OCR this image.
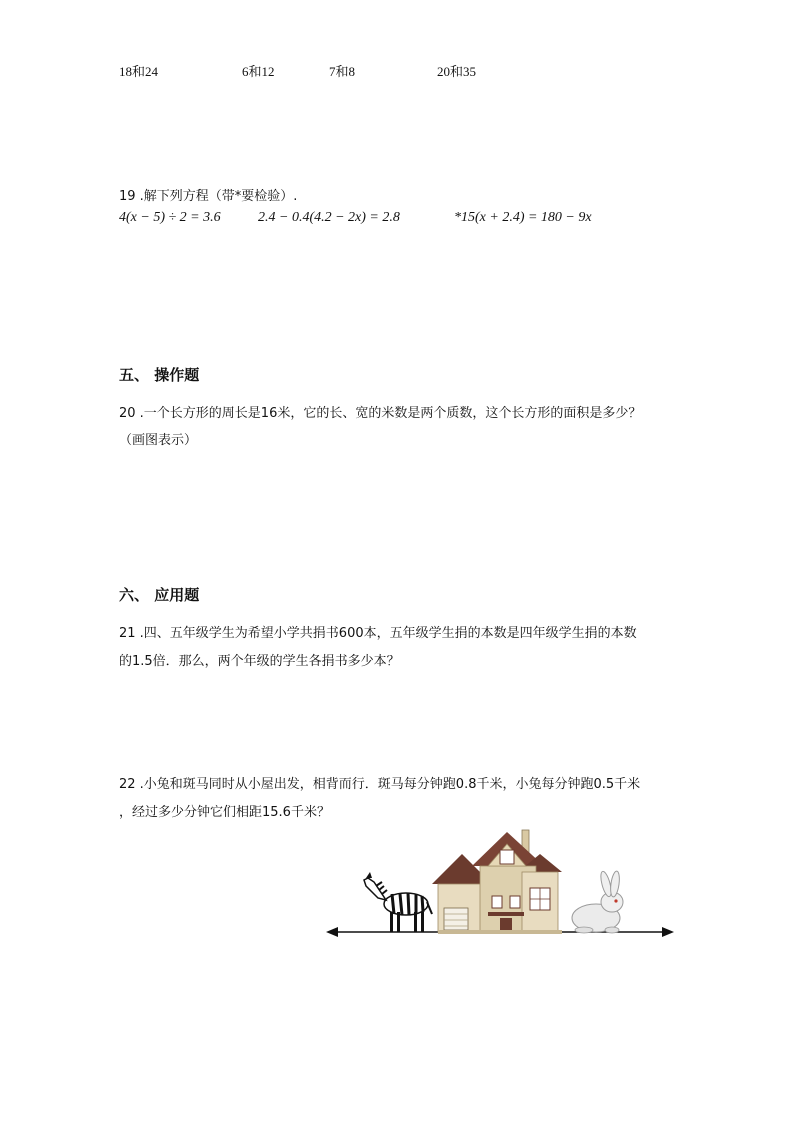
18和24	6和12	7和8	20和35
19 .解下列方程（带*要检验）.
4(x − 5) ÷ 2 = 3.6	2.4 − 0.4(4.2 − 2x) = 2.8	*15(x + 2.4) = 180 − 9x
五、 操作题
20 .一个长方形的周长是16米，它的长、宽的米数是两个质数，这个长方形的面积是多少？
（画图表示）
六、 应用题
21 .四、五年级学生为希望小学共捐书600本，五年级学生捐的本数是四年级学生捐的本数
的1.5倍．那么，两个年级的学生各捐书多少本？
22 .小兔和斑马同时从小屋出发，相背而行．斑马每分钟跑0.8千米，小兔每分钟跑0.5千米
，经过多少分钟它们相距15.6千米？
